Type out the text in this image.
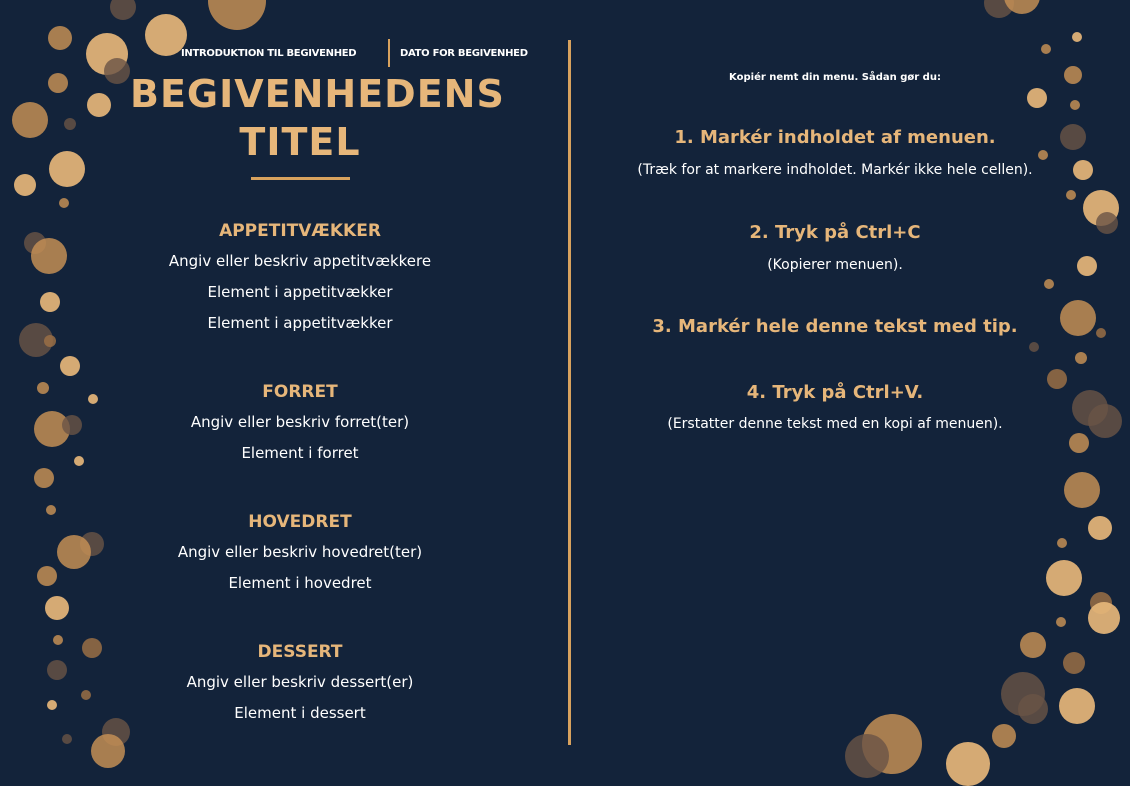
INTRODUKTION TIL BEGIVENHED	DATO FOR BEGIVENHED
BEGIVENHEDENS
TITEL
APPETITVÆKKER
Angiv eller beskriv appetitvækkere
Element i appetitvækker
Element i appetitvækker
FORRET
Angiv eller beskriv forret(ter)
Element i forret
HOVEDRET
Angiv eller beskriv hovedret(ter)
Element i hovedret
DESSERT
Angiv eller beskriv dessert(er)
Element i dessert
Kopiér nemt din menu. Sådan gør du:
1. Markér indholdet af menuen.
(Træk for at markere indholdet. Markér ikke hele cellen).
2. Tryk på Ctrl+C
(Kopierer menuen).
3. Markér hele denne tekst med tip.
4. Tryk på Ctrl+V.
(Erstatter denne tekst med en kopi af menuen).
